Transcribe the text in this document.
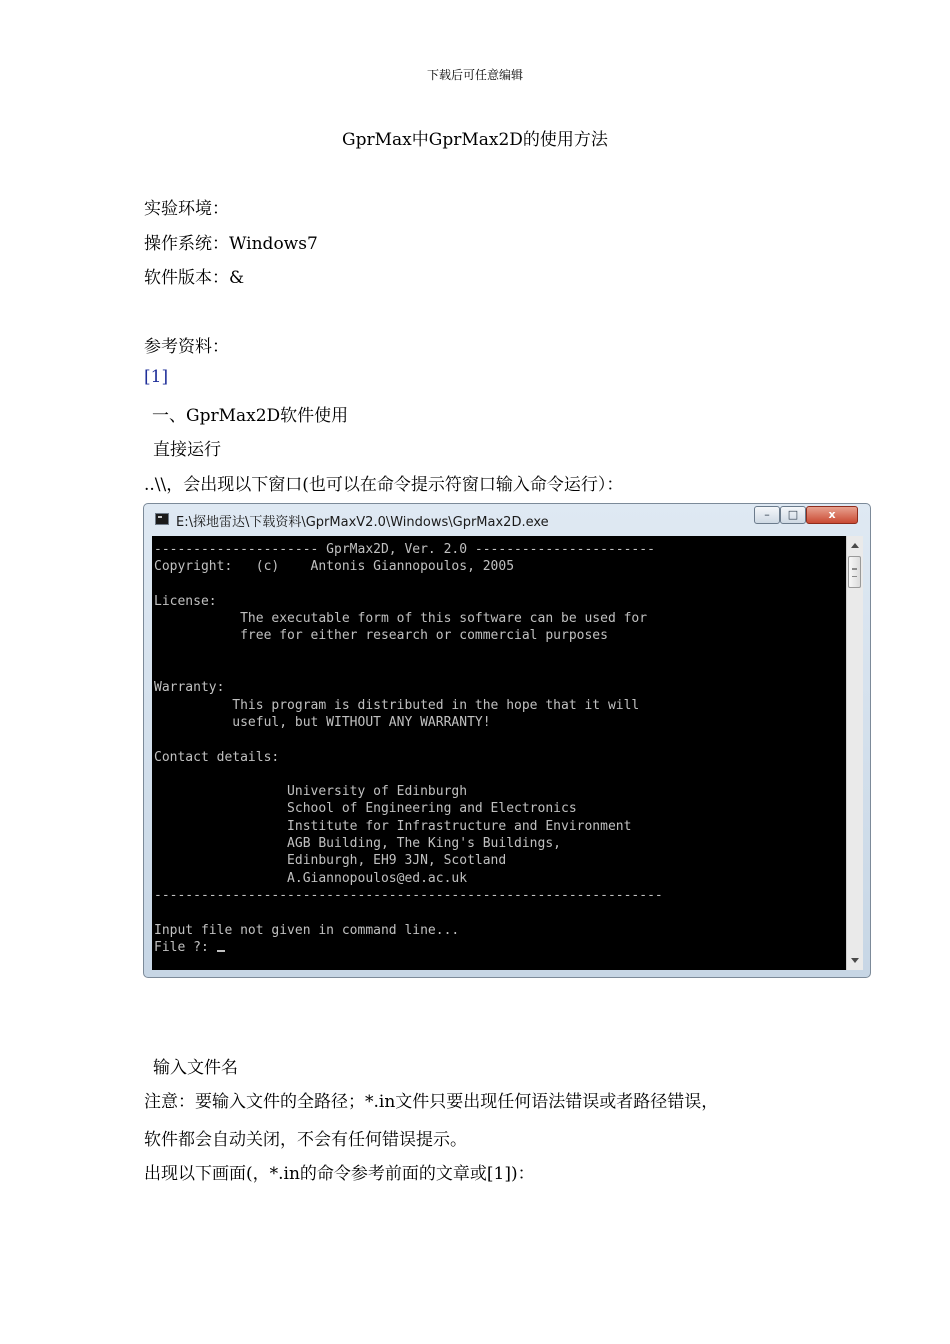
下载后可任意编辑
GprMax中GprMax2D的使用方法
实验环境：
操作系统：Windows7
软件版本：&
参考资料：
[1]
一、GprMax2D软件使用
直接运行
..\\，会出现以下窗口(也可以在命令提示符窗口输入命令运行）：
E:\探地雷达\下载资料\GprMaxV2.0\Windows\GprMax2D.exe
–	□	x
--------------------- GprMax2D, Ver. 2.0 -----------------------
Copyright:   (c)    Antonis Giannopoulos, 2005

License:
The executable form of this software can be used for
free for either research or commercial purposes

Warranty:
This program is distributed in the hope that it will
useful, but WITHOUT ANY WARRANTY!

Contact details:

University of Edinburgh
School of Engineering and Electronics
Institute for Infrastructure and Environment
AGB Building, The King's Buildings,
Edinburgh, EH9 3JN, Scotland
A.Giannopoulos@ed.ac.uk
-----------------------------------------------------------------

Input file not given in command line...
File ?:
输入文件名
注意：要输入文件的全路径；*.in文件只要出现任何语法错误或者路径错误，
软件都会自动关闭，不会有任何错误提示。
出现以下画面(，*.in的命令参考前面的文章或[1])：
